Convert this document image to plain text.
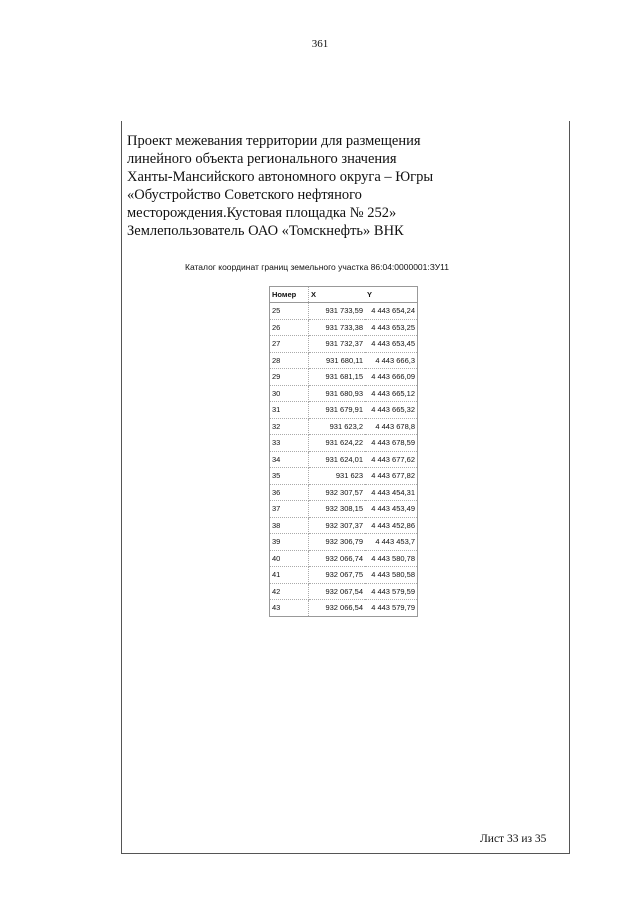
361
Проект межевания территории для размещения
линейного объекта регионального значения
Ханты-Мансийского автономного округа – Югры
«Обустройство Советского нефтяного
месторождения.Кустовая площадка № 252»
Землепользователь ОАО «Томскнефть» ВНК
Каталог координат границ земельного участка 86:04:0000001:ЗУ11
Номер	X	Y
25	931 733,59	4 443 654,24
26	931 733,38	4 443 653,25
27	931 732,37	4 443 653,45
28	931 680,11	4 443 666,3
29	931 681,15	4 443 666,09
30	931 680,93	4 443 665,12
31	931 679,91	4 443 665,32
32	931 623,2	4 443 678,8
33	931 624,22	4 443 678,59
34	931 624,01	4 443 677,62
35	931 623	4 443 677,82
36	932 307,57	4 443 454,31
37	932 308,15	4 443 453,49
38	932 307,37	4 443 452,86
39	932 306,79	4 443 453,7
40	932 066,74	4 443 580,78
41	932 067,75	4 443 580,58
42	932 067,54	4 443 579,59
43	932 066,54	4 443 579,79
Лист 33 из 35
